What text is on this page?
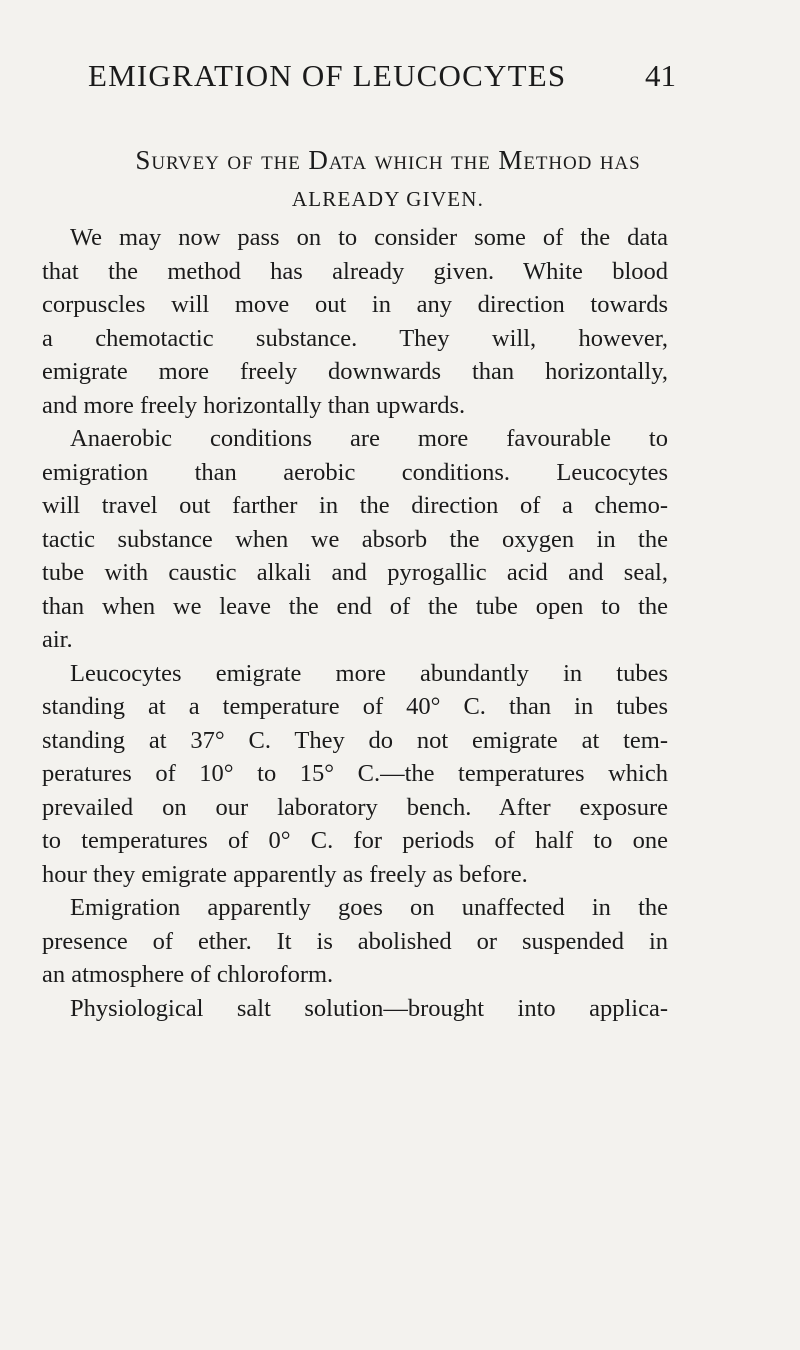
EMIGRATION OF LEUCOCYTES	41
Survey of the Data which the Method has
ALREADY GIVEN.
We may now pass on to consider some of the data
that the method has already given. White blood
corpuscles will move out in any direction towards
a chemotactic substance. They will, however,
emigrate more freely downwards than horizontally,
and more freely horizontally than upwards.
Anaerobic conditions are more favourable to
emigration than aerobic conditions. Leucocytes
will travel out farther in the direction of a chemo-
tactic substance when we absorb the oxygen in the
tube with caustic alkali and pyrogallic acid and seal,
than when we leave the end of the tube open to the
air.
Leucocytes emigrate more abundantly in tubes
standing at a temperature of 40° C. than in tubes
standing at 37° C. They do not emigrate at tem-
peratures of 10° to 15° C.—the temperatures which
prevailed on our laboratory bench. After exposure
to temperatures of 0° C. for periods of half to one
hour they emigrate apparently as freely as before.
Emigration apparently goes on unaffected in the
presence of ether. It is abolished or suspended in
an atmosphere of chloroform.
Physiological salt solution—brought into applica-
